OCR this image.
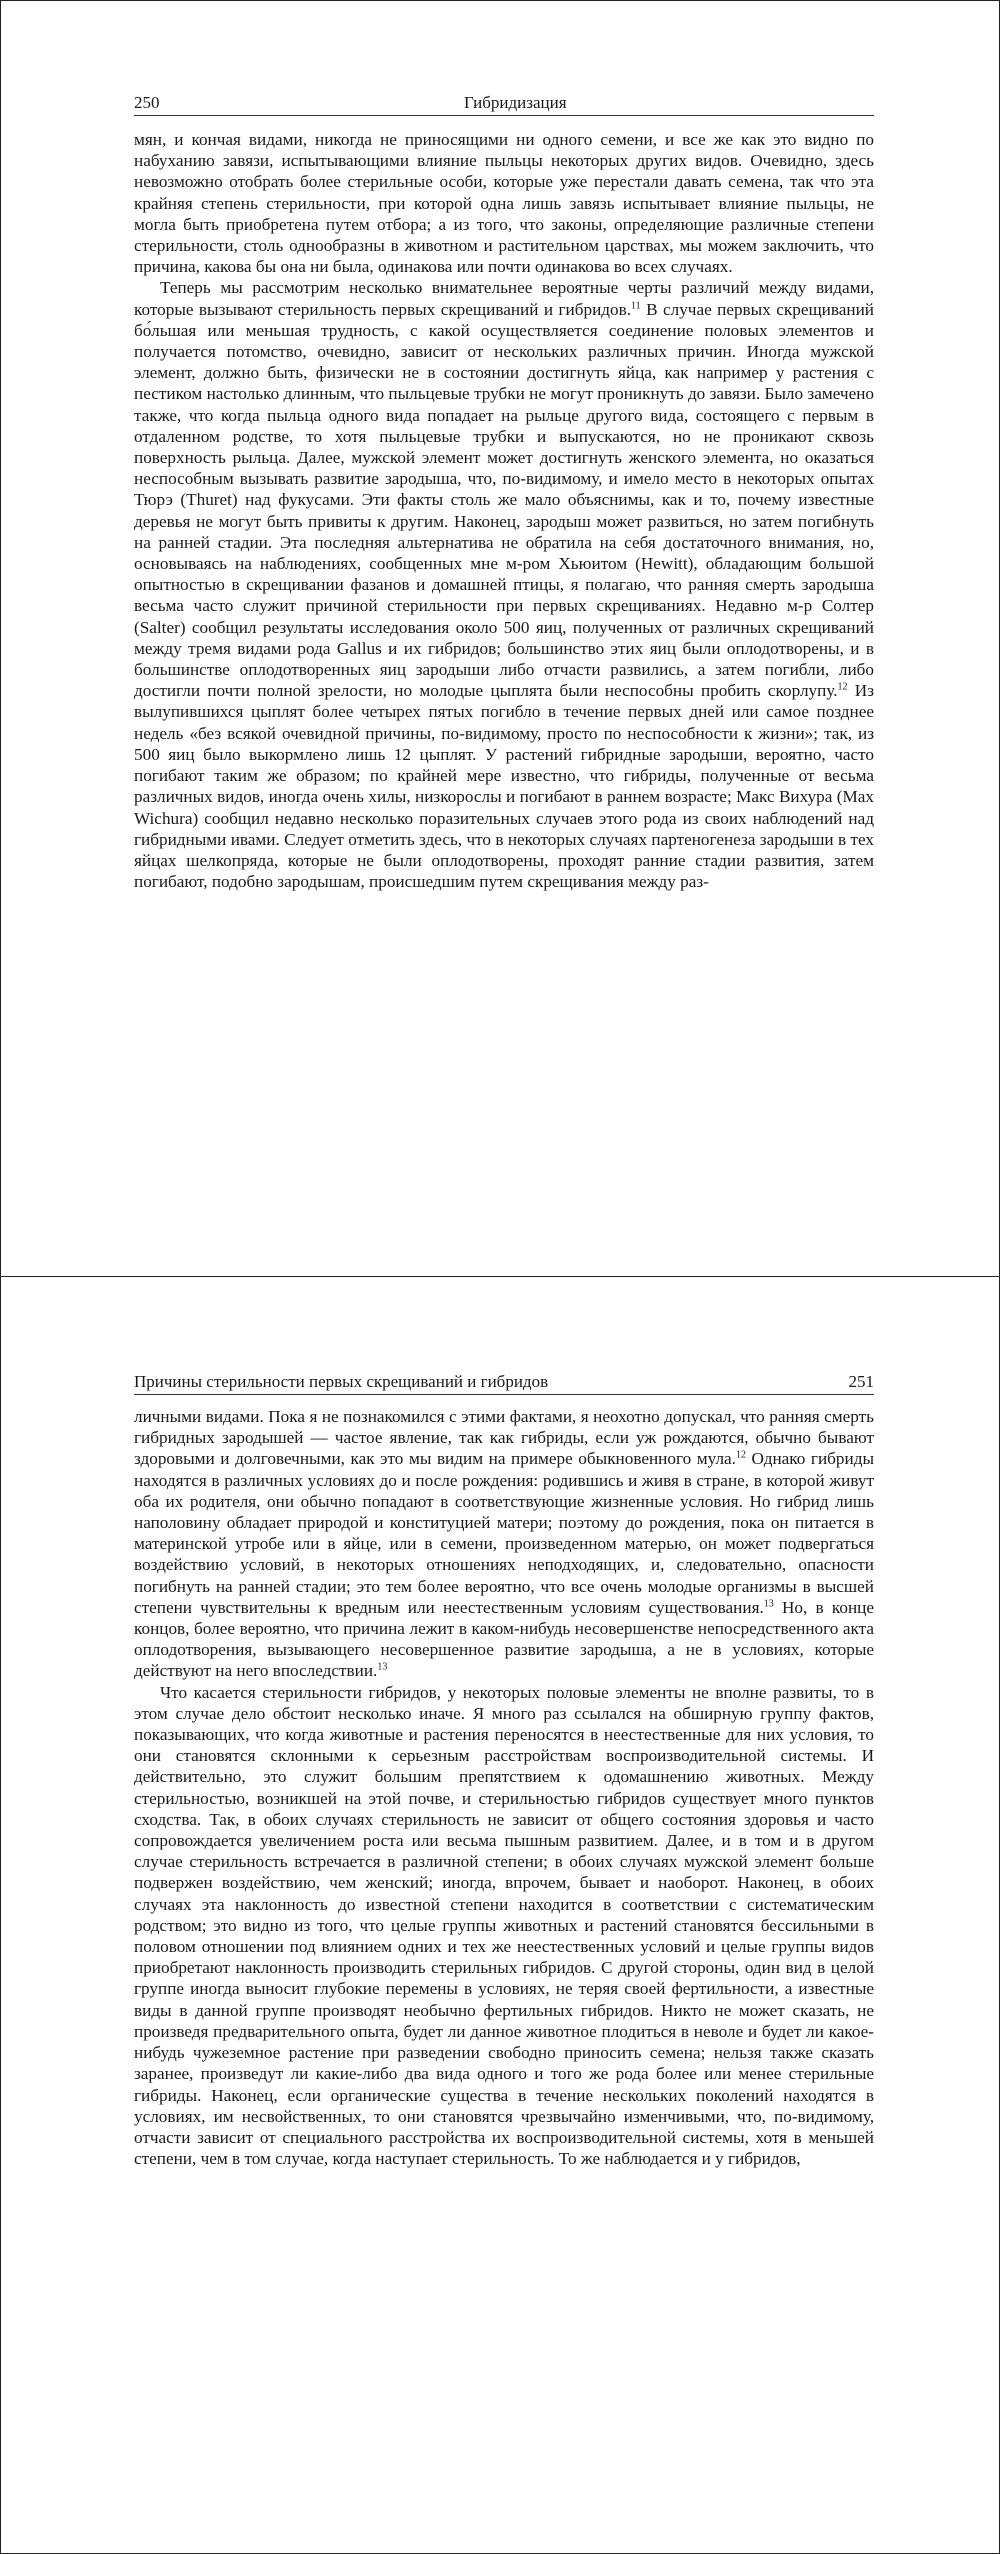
250	Гибридизация

мян, и кончая видами, никогда не приносящими ни одного семени, и все же как это видно по набуханию завязи, испытывающими влияние пыльцы некоторых других видов. Очевидно, здесь невозможно отобрать более стерильные особи, которые уже перестали давать семена, так что эта крайняя степень стерильности, при которой одна лишь завязь испытывает влияние пыльцы, не могла быть приобретена путем отбора; а из того, что законы, определяющие различные степени стерильности, столь однообразны в животном и растительном царствах, мы можем заключить, что причина, какова бы она ни была, одинакова или почти одинакова во всех случаях.

Теперь мы рассмотрим несколько внимательнее вероятные черты различий между видами, которые вызывают стерильность первых скрещиваний и гибридов.$^{11}$ В случае первых скрещиваний бо́льшая или меньшая трудность, с какой осуществляется соединение половых элементов и получается потомство, очевидно, зависит от нескольких различных причин. Иногда мужской элемент, должно быть, физически не в состоянии достигнуть яйца, как например у растения с пестиком настолько длинным, что пыльцевые трубки не могут проникнуть до завязи. Было замечено также, что когда пыльца одного вида попадает на рыльце другого вида, состоящего с первым в отдаленном родстве, то хотя пыльцевые трубки и выпускаются, но не проникают сквозь поверхность рыльца. Далее, мужской элемент может достигнуть женского элемента, но оказаться неспособным вызывать развитие зародыша, что, по-видимому, и имело место в некоторых опытах Тюрэ (Thuret) над фукусами. Эти факты столь же мало объяснимы, как и то, почему известные деревья не могут быть привиты к другим. Наконец, зародыш может развиться, но затем погибнуть на ранней стадии. Эта последняя альтернатива не обратила на себя достаточного внимания, но, основываясь на наблюдениях, сообщенных мне м-ром Хьюитом (Hewitt), обладающим большой опытностью в скрещивании фазанов и домашней птицы, я полагаю, что ранняя смерть зародыша весьма часто служит причиной стерильности при первых скрещиваниях. Недавно м-р Солтер (Salter) сообщил результаты исследования около 500 яиц, полученных от различных скрещиваний между тремя видами рода Gallus и их гибридов; большинство этих яиц были оплодотворены, и в большинстве оплодотворенных яиц зародыши либо отчасти развились, а затем погибли, либо достигли почти полной зрелости, но молодые цыплята были неспособны пробить скорлупу.$^{12}$ Из вылупившихся цыплят более четырех пятых погибло в течение первых дней или самое позднее недель «без всякой очевидной причины, по-видимому, просто по неспособности к жизни»; так, из 500 яиц было выкормлено лишь 12 цыплят. У растений гибридные зародыши, вероятно, часто погибают таким же образом; по крайней мере известно, что гибриды, полученные от весьма различных видов, иногда очень хилы, низкорослы и погибают в раннем возрасте; Макс Вихура (Max Wichura) сообщил недавно несколько поразительных случаев этого рода из своих наблюдений над гибридными ивами. Следует отметить здесь, что в некоторых случаях партеногенеза зародыши в тех яйцах шелкопряда, которые не были оплодотворены, проходят ранние стадии развития, затем погибают, подобно зародышам, происшедшим путем скрещивания между раз-

Причины стерильности первых скрещиваний и гибридов	251

личными видами. Пока я не познакомился с этими фактами, я неохотно допускал, что ранняя смерть гибридных зародышей — частое явление, так как гибриды, если уж рождаются, обычно бывают здоровыми и долговечными, как это мы видим на примере обыкновенного мула.$^{12}$ Однако гибриды находятся в различных условиях до и после рождения: родившись и живя в стране, в которой живут оба их родителя, они обычно попадают в соответствующие жизненные условия. Но гибрид лишь наполовину обладает природой и конституцией матери; поэтому до рождения, пока он питается в материнской утробе или в яйце, или в семени, произведенном матерью, он может подвергаться воздействию условий, в некоторых отношениях неподходящих, и, следовательно, опасности погибнуть на ранней стадии; это тем более вероятно, что все очень молодые организмы в высшей степени чувствительны к вредным или неестественным условиям существования.$^{13}$ Но, в конце концов, более вероятно, что причина лежит в каком-нибудь несовершенстве непосредственного акта оплодотворения, вызывающего несовершенное развитие зародыша, а не в условиях, которые действуют на него впоследствии.$^{13}$

Что касается стерильности гибридов, у некоторых половые элементы не вполне развиты, то в этом случае дело обстоит несколько иначе. Я много раз ссылался на обширную группу фактов, показывающих, что когда животные и растения переносятся в неестественные для них условия, то они становятся склонными к серьезным расстройствам воспроизводительной системы. И действительно, это служит большим препятствием к одомашнению животных. Между стерильностью, возникшей на этой почве, и стерильностью гибридов существует много пунктов сходства. Так, в обоих случаях стерильность не зависит от общего состояния здоровья и часто сопровождается увеличением роста или весьма пышным развитием. Далее, и в том и в другом случае стерильность встречается в различной степени; в обоих случаях мужской элемент больше подвержен воздействию, чем женский; иногда, впрочем, бывает и наоборот. Наконец, в обоих случаях эта наклонность до известной степени находится в соответствии с систематическим родством; это видно из того, что целые группы животных и растений становятся бессильными в половом отношении под влиянием одних и тех же неестественных условий и целые группы видов приобретают наклонность производить стерильных гибридов. С другой стороны, один вид в целой группе иногда выносит глубокие перемены в условиях, не теряя своей фертильности, а известные виды в данной группе производят необычно фертильных гибридов. Никто не может сказать, не произведя предварительного опыта, будет ли данное животное плодиться в неволе и будет ли какое-нибудь чужеземное растение при разведении свободно приносить семена; нельзя также сказать заранее, произведут ли какие-либо два вида одного и того же рода более или менее стерильные гибриды. Наконец, если органические существа в течение нескольких поколений находятся в условиях, им несвойственных, то они становятся чрезвычайно изменчивыми, что, по-видимому, отчасти зависит от специального расстройства их воспроизводительной системы, хотя в меньшей степени, чем в том случае, когда наступает стерильность. То же наблюдается и у гибридов,
